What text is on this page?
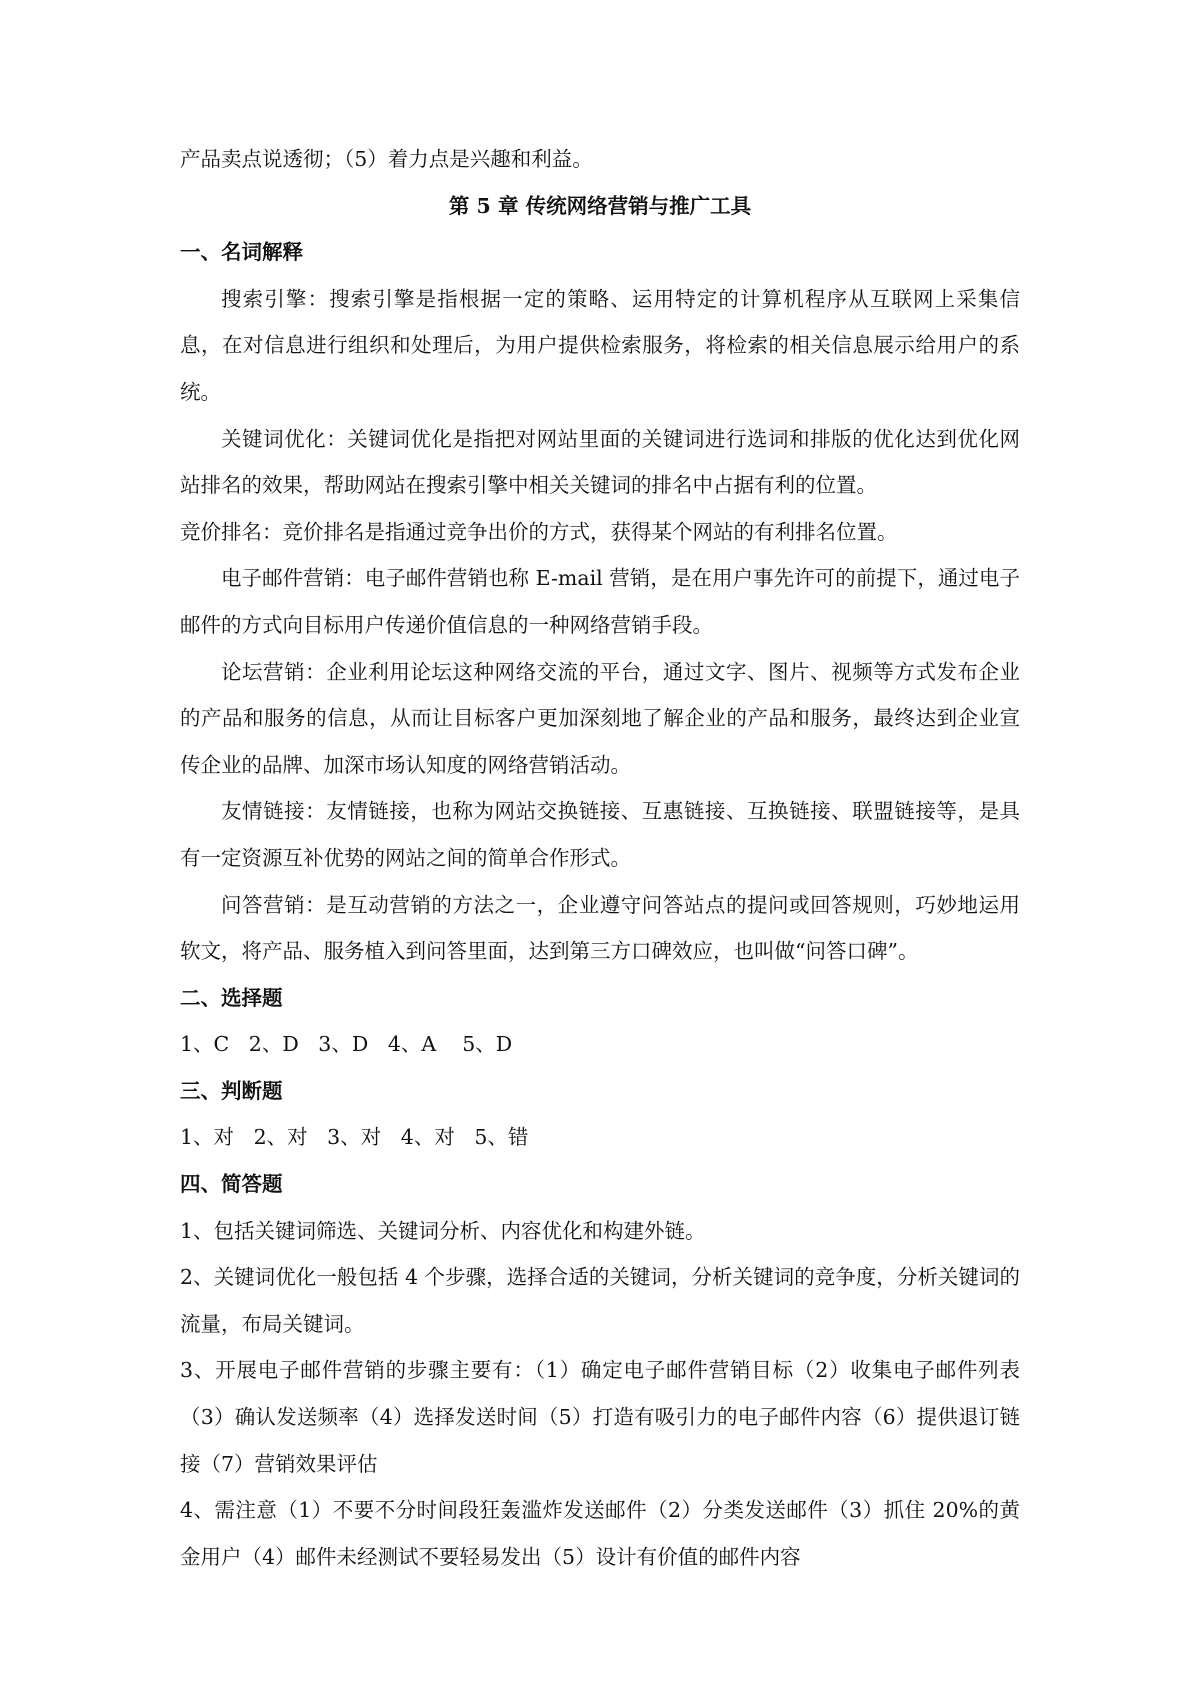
产品卖点说透彻；（5）着力点是兴趣和利益。

第 5 章 传统网络营销与推广工具

一、名词解释

搜索引擎：搜索引擎是指根据一定的策略、运用特定的计算机程序从互联网上采集信息，在对信息进行组织和处理后，为用户提供检索服务，将检索的相关信息展示给用户的系统。

关键词优化：关键词优化是指把对网站里面的关键词进行选词和排版的优化达到优化网站排名的效果，帮助网站在搜索引擎中相关关键词的排名中占据有利的位置。

竞价排名：竞价排名是指通过竞争出价的方式，获得某个网站的有利排名位置。

电子邮件营销：电子邮件营销也称 E-mail 营销，是在用户事先许可的前提下，通过电子邮件的方式向目标用户传递价值信息的一种网络营销手段。

论坛营销：企业利用论坛这种网络交流的平台，通过文字、图片、视频等方式发布企业的产品和服务的信息，从而让目标客户更加深刻地了解企业的产品和服务，最终达到企业宣传企业的品牌、加深市场认知度的网络营销活动。

友情链接：友情链接，也称为网站交换链接、互惠链接、互换链接、联盟链接等，是具有一定资源互补优势的网站之间的简单合作形式。

问答营销：是互动营销的方法之一，企业遵守问答站点的提问或回答规则，巧妙地运用软文，将产品、服务植入到问答里面，达到第三方口碑效应，也叫做“问答口碑”。

二、选择题

1、C   2、D   3、D   4、A    5、D

三、判断题

1、对   2、对   3、对   4、对   5、错

四、简答题

1、包括关键词筛选、关键词分析、内容优化和构建外链。

2、关键词优化一般包括 4 个步骤，选择合适的关键词，分析关键词的竞争度，分析关键词的流量，布局关键词。

3、开展电子邮件营销的步骤主要有：（1）确定电子邮件营销目标（2）收集电子邮件列表（3）确认发送频率（4）选择发送时间（5）打造有吸引力的电子邮件内容（6）提供退订链接（7）营销效果评估

4、需注意（1）不要不分时间段狂轰滥炸发送邮件（2）分类发送邮件（3）抓住 20%的黄金用户（4）邮件未经测试不要轻易发出（5）设计有价值的邮件内容
